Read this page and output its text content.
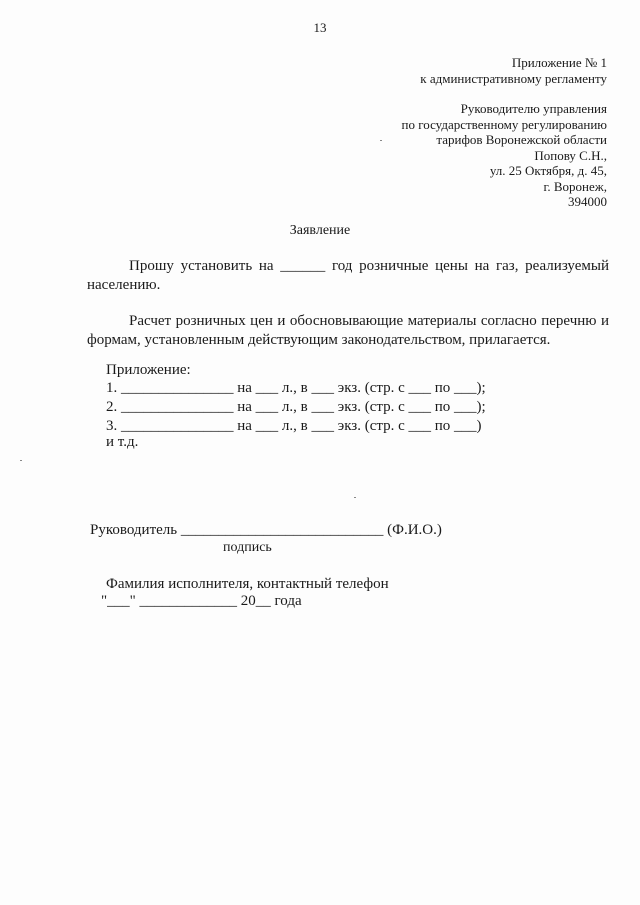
13
Приложение № 1
к административному регламенту
Руководителю управления
по государственному регулированию
тарифов Воронежской области
Попову С.Н.,
ул. 25 Октября, д. 45,
г. Воронеж,
394000
Заявление
Прошу установить на ______ год розничные цены на газ, реализуемый населению.
Расчет розничных цен и обосновывающие материалы согласно перечню и формам, установленным действующим законодательством, прилагается.
Приложение:
1. _______________ на ___ л., в ___ экз. (стр. с ___ по ___);
2. _______________ на ___ л., в ___ экз. (стр. с ___ по ___);
3. _______________ на ___ л., в ___ экз. (стр. с ___ по ___)
и т.д.
Руководитель ___________________________ (Ф.И.О.)
подпись
Фамилия исполнителя, контактный телефон
"___" _____________ 20__ года
